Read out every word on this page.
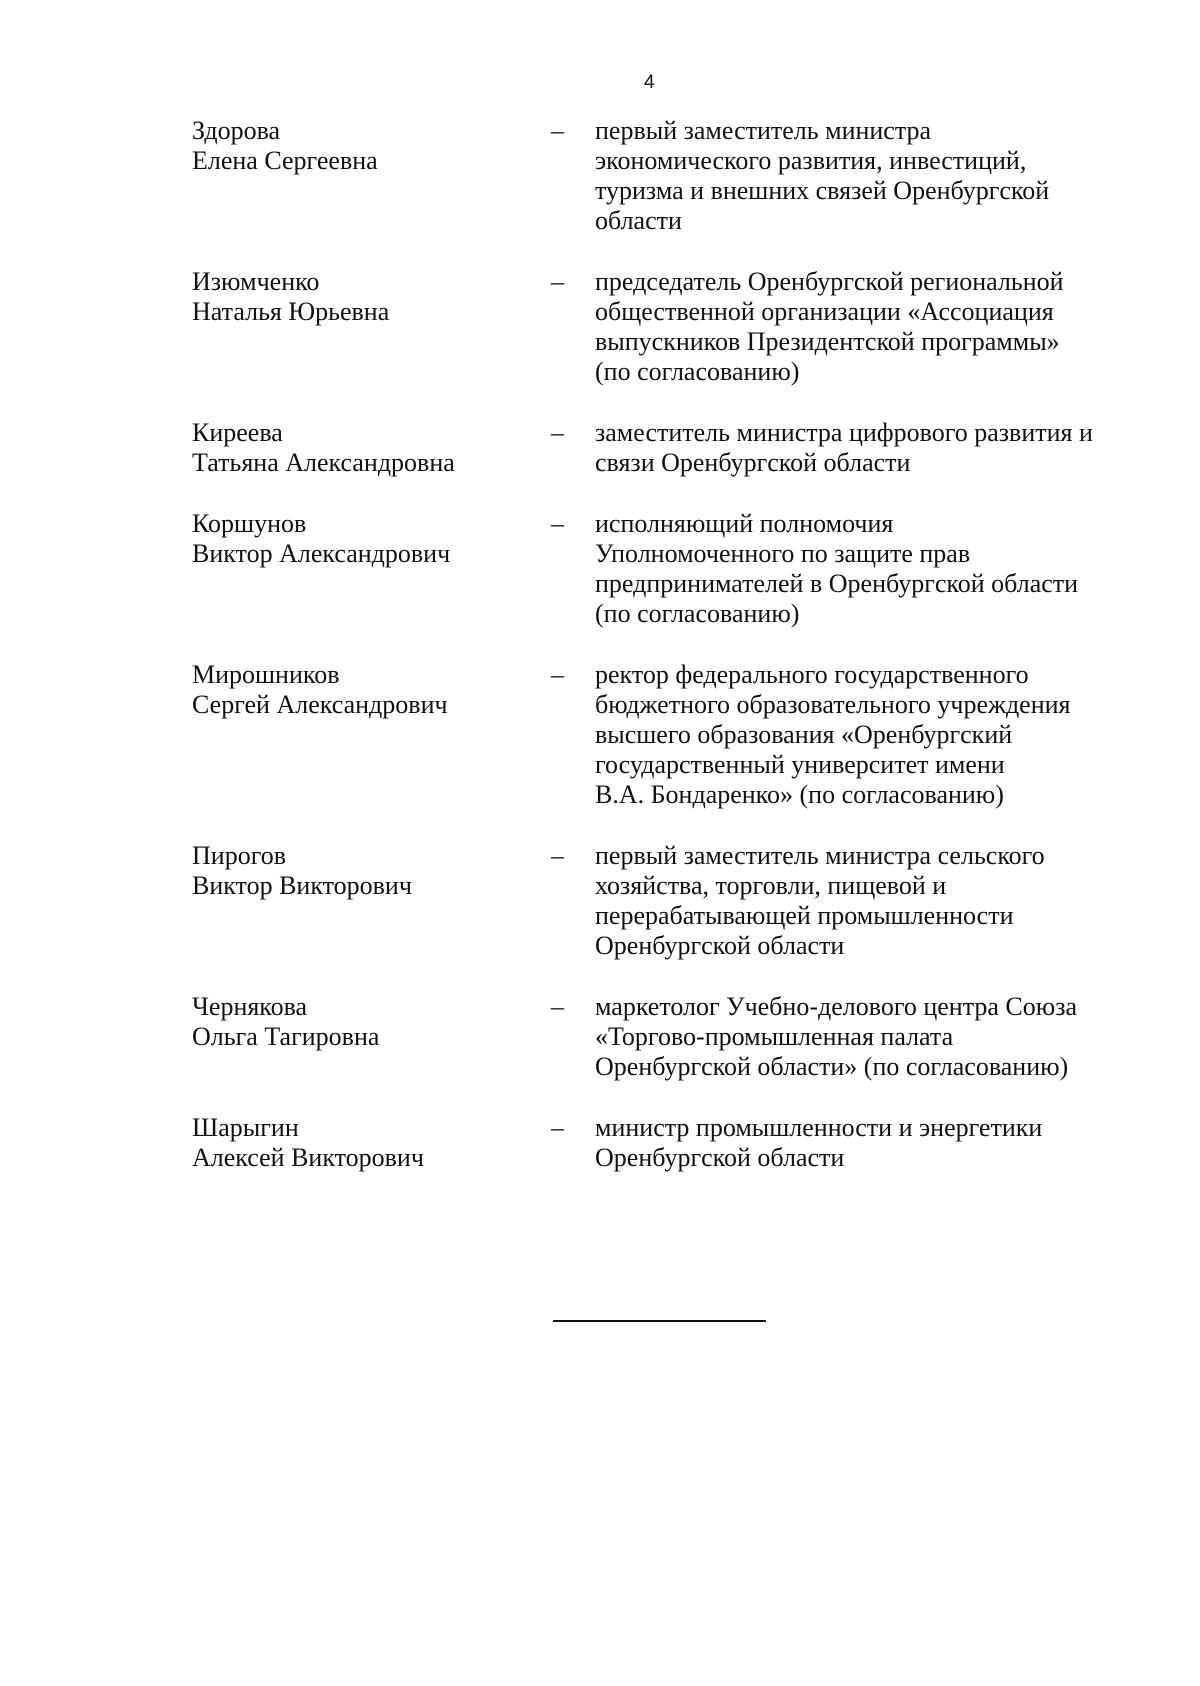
4
Здорова
Елена Сергеевна
– первый заместитель министра
экономического развития, инвестиций,
туризма и внешних связей Оренбургской
области
Изюмченко
Наталья Юрьевна
– председатель Оренбургской региональной
общественной организации «Ассоциация
выпускников Президентской программы»
(по согласованию)
Киреева
Татьяна Александровна
– заместитель министра цифрового развития и
связи Оренбургской области
Коршунов
Виктор Александрович
– исполняющий полномочия
Уполномоченного по защите прав
предпринимателей в Оренбургской области
(по согласованию)
Мирошников
Сергей Александрович
– ректор федерального государственного
бюджетного образовательного учреждения
высшего образования «Оренбургский
государственный университет имени
В.А. Бондаренко» (по согласованию)
Пирогов
Виктор Викторович
– первый заместитель министра сельского
хозяйства, торговли, пищевой и
перерабатывающей промышленности
Оренбургской области
Чернякова
Ольга Тагировна
– маркетолог Учебно-делового центра Союза
«Торгово-промышленная палата
Оренбургской области» (по согласованию)
Шарыгин
Алексей Викторович
– министр промышленности и энергетики
Оренбургской области
